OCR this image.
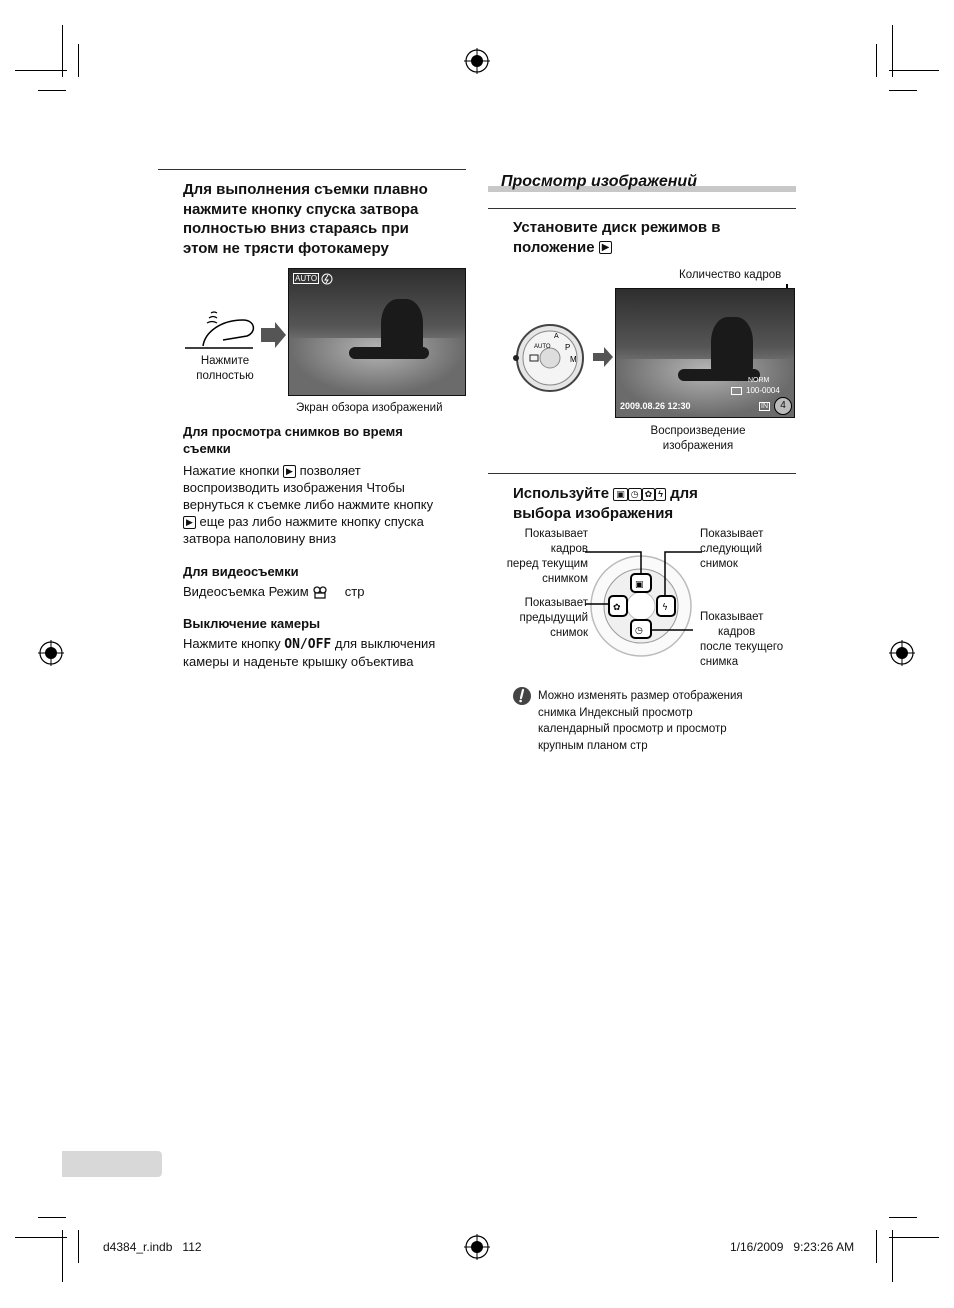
Для выполнения съемки плавно
нажмите кнопку спуска затвора
полностью вниз стараясь при
этом не трясти фотокамеру
Нажмите
полностью
AUTO
Экран обзора изображений
Для просмотра снимков во время
съемки
Нажатие кнопки ▶ позволяет
воспроизводить изображения Чтобы
вернуться к съемке либо нажмите кнопку
▶ еще раз либо нажмите кнопку спуска
затвора наполовину вниз
Для видеосъемки
Видеосъемка Режим	стр
Выключение камеры
Нажмите кнопку ON/OFF для выключения
камеры и наденьте крышку объектива
Просмотр изображений
Установите диск режимов в
положение ▶
Количество кадров
P
M
A
AUTO
NORM
100-0004
2009.08.26 12:30	IN	4
Воспроизведение
изображения
Используйте ▣ ◷ ✿ ϟ для
выбора изображения
▣
◷
✿	ϟ
Показывает
кадров
перед текущим
снимком
Показывает
следующий
снимок
Показывает
предыдущий
снимок
Показывает
кадров
после текущего
снимка
Можно изменять размер отображения
снимка Индексный просмотр
календарный просмотр и просмотр
крупным планом стр
d4384_r.indb 112	1/16/2009 9:23:26 AM
